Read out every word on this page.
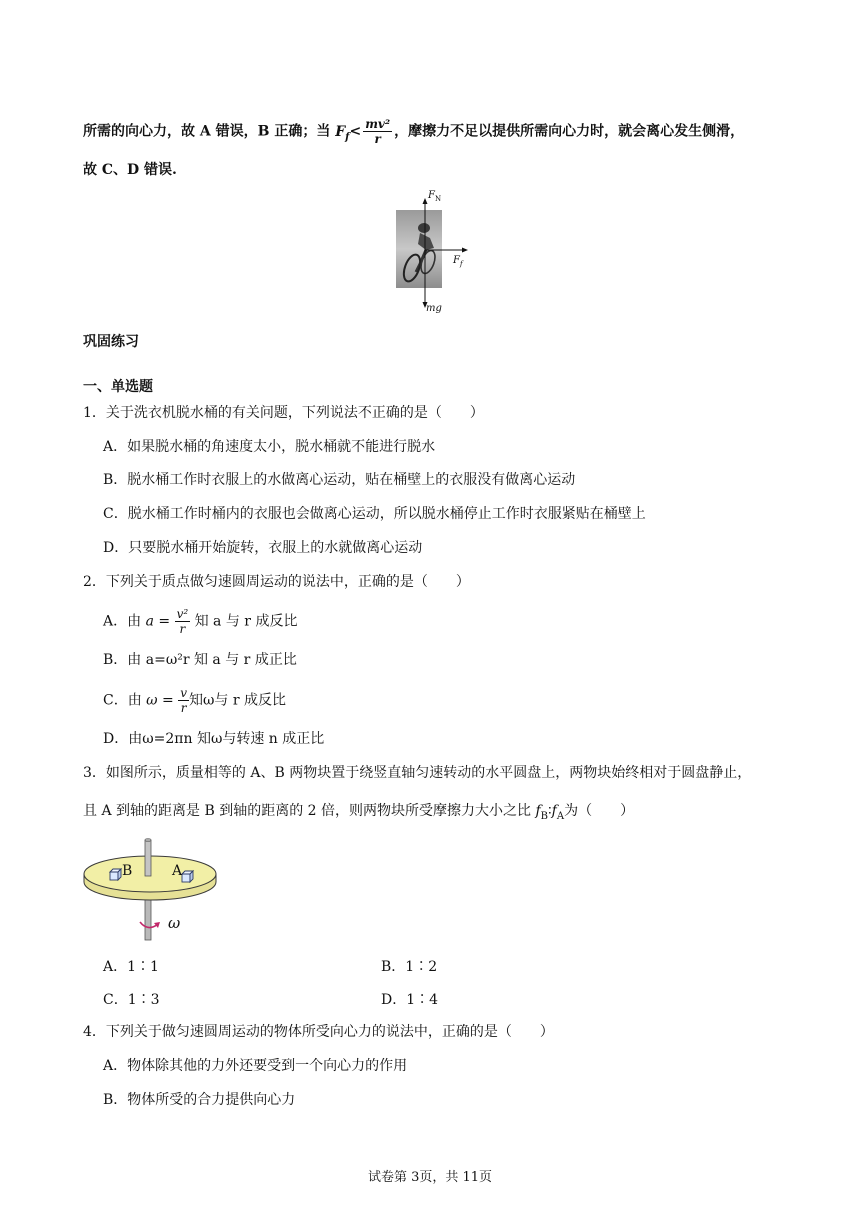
所需的向心力，故 A 错误，B 正确；当 $F_f< \frac{\text{mv²}}{r}$ ，摩擦力不足以提供所需向心力时，就会离心发生侧滑，
故 C、D 错误.
$F_N$
$F_f$
mg
巩固练习
一、单选题
1．关于洗衣机脱水桶的有关问题，下列说法不正确的是（　　）
A．如果脱水桶的角速度太小，脱水桶就不能进行脱水
B．脱水桶工作时衣服上的水做离心运动，贴在桶壁上的衣服没有做离心运动
C．脱水桶工作时桶内的衣服也会做离心运动，所以脱水桶停止工作时衣服紧贴在桶壁上
D．只要脱水桶开始旋转，衣服上的水就做离心运动
2．下列关于质点做匀速圆周运动的说法中，正确的是（　　）
A．由 $a = \frac{\text{v²}}{r}$ 知 a 与 r 成反比
B．由 a=ω²r 知 a 与 r 成正比
C．由 $\omega = \frac{v}{r}$ 知ω与 r 成反比
D．由ω=2πn 知ω与转速 n 成正比
3．如图所示，质量相等的 A、B 两物块置于绕竖直轴匀速转动的水平圆盘上，两物块始终相对于圆盘静止，
且 A 到轴的距离是 B 到轴的距离的 2 倍，则两物块所受摩擦力大小之比 $f_B∶f_A$为（　　）
B	A
ω
A．1∶1	B．1∶2
C．1∶3	D．1∶4
4．下列关于做匀速圆周运动的物体所受向心力的说法中，正确的是（　　）
A．物体除其他的力外还要受到一个向心力的作用
B．物体所受的合力提供向心力
试卷第 3页，共 11页
